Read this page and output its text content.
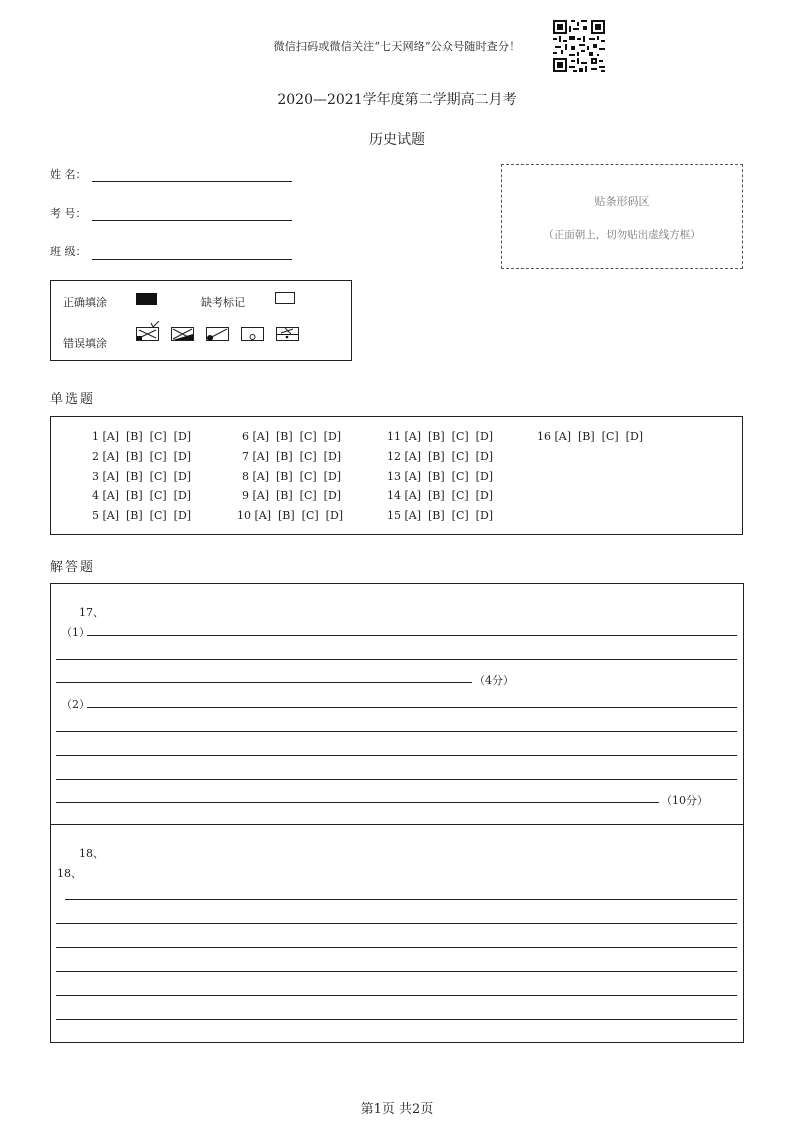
微信扫码或微信关注“七天网络”公众号随时查分！
2020—2021学年度第二学期高二月考
历史试题
姓 名：
考 号：
班 级：
贴条形码区
（正面朝上，切勿贴出虚线方框）
正确填涂	缺考标记
错误填涂
单选题
1 [A]  [B]  [C]  [D]
2 [A]  [B]  [C]  [D]
3 [A]  [B]  [C]  [D]
4 [A]  [B]  [C]  [D]
5 [A]  [B]  [C]  [D]
6 [A]  [B]  [C]  [D]
7 [A]  [B]  [C]  [D]
8 [A]  [B]  [C]  [D]
9 [A]  [B]  [C]  [D]
10 [A]  [B]  [C]  [D]
11 [A]  [B]  [C]  [D]
12 [A]  [B]  [C]  [D]
13 [A]  [B]  [C]  [D]
14 [A]  [B]  [C]  [D]
15 [A]  [B]  [C]  [D]
16 [A]  [B]  [C]  [D]
解答题
17、
（1）
（4分）
（2）
（10分）
18、
18、
第1页 共2页
